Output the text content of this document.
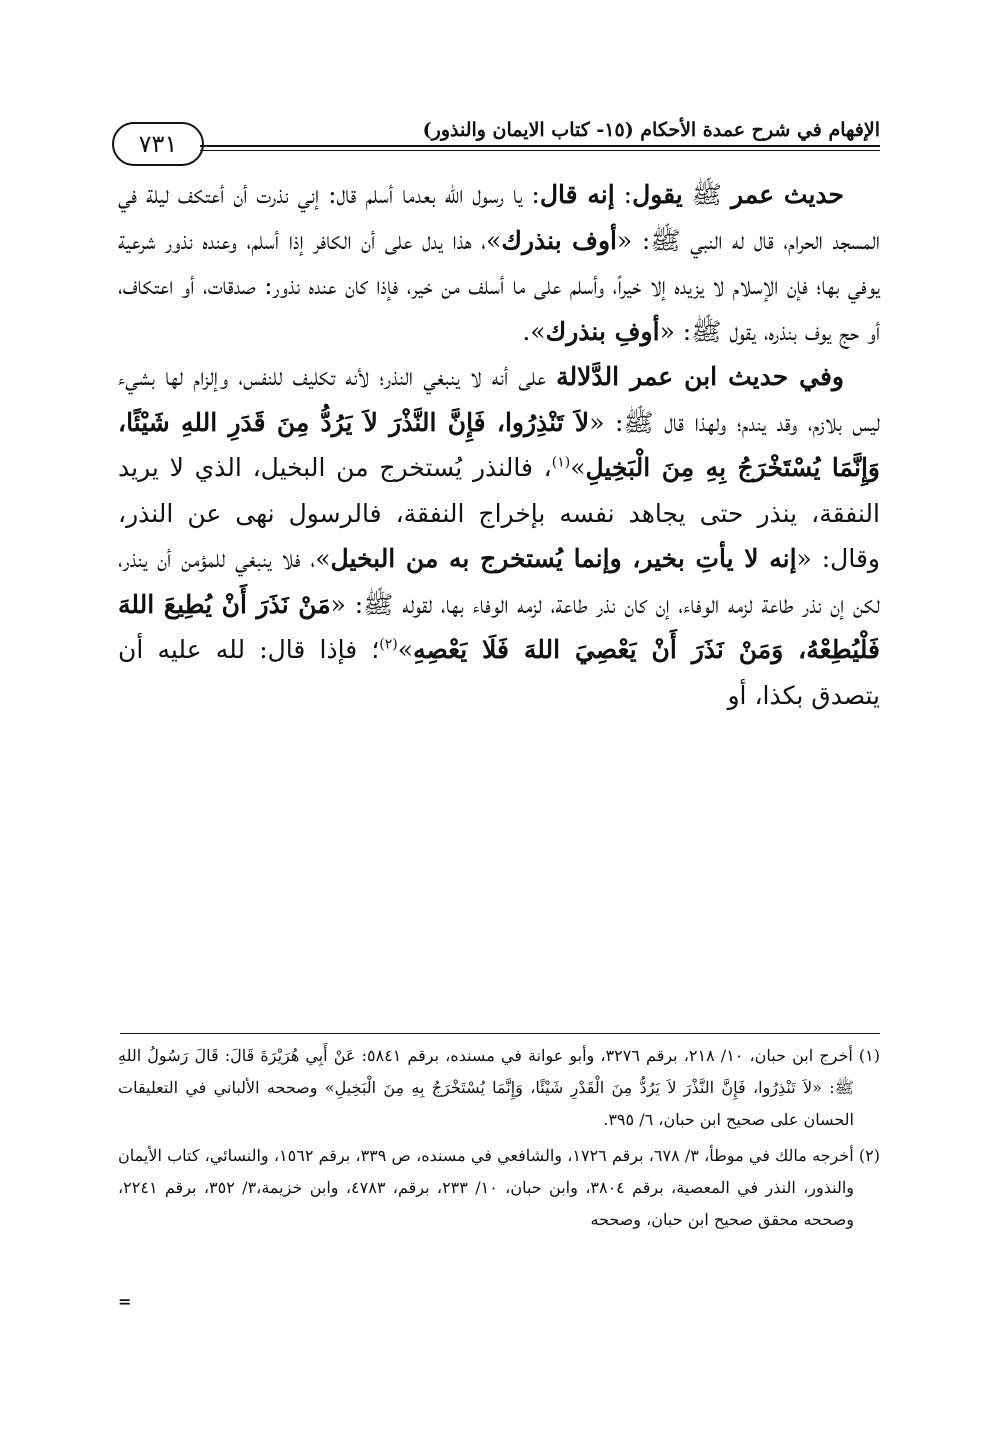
الإفهام في شرح عمدة الأحكام (١٥- كتاب الايمان والنذور)
٧٣١

حديث عمر ﷺ يقول: إنه قال: يا رسول الله بعدما أسلم قال: إني نذرت أن أعتكف ليلة في المسجد الحرام، قال له النبي ﷺ: «أوف بنذرك»، هذا يدل على أن الكافر إذا أسلم، وعنده نذور شرعية يوفي بها؛ فإن الإسلام لا يزيده إلا خيراً، وأسلم على ما أسلف من خير، فإذا كان عنده نذور: صدقات، أو اعتكاف، أو حج يوف بنذره، يقول ﷺ: «أوفِ بنذرك».

وفي حديث ابن عمر الدَّلالة على أنه لا ينبغي النذر؛ لأنه تكليف للنفس، وإلزام لها بشيء ليس بلازم، وقد يندم؛ ولهذا قال ﷺ: «لاَ تَنْذِرُوا، فَإِنَّ النَّذْرَ لاَ يَرُدُّ مِنَ قَدَرِ اللهِ شَيْئًا، وَإِنَّمَا يُسْتَخْرَجُ بِهِ مِنَ الْبَخِيلِ»$^{(١)}$، فالنذر يُستخرج من البخيل، الذي لا يريد النفقة، ينذر حتى يجاهد نفسه بإخراج النفقة، فالرسول نهى عن النذر، وقال: «إنه لا يأتِ بخير، وإنما يُستخرج به من البخيل»، فلا ينبغي للمؤمن أن ينذر، لكن إن نذر طاعة لزمه الوفاء، إن كان نذر طاعة، لزمه الوفاء بها، لقوله ﷺ: «مَنْ نَذَرَ أَنْ يُطِيعَ اللهَ فَلْيُطِعْهُ، وَمَنْ نَذَرَ أَنْ يَعْصِيَ اللهَ فَلَا يَعْصِهِ»$^{(٢)}$؛ فإذا قال: لله عليه أن يتصدق بكذا، أو

(١) أخرج ابن حبان، ١٠/ ٢١٨، برقم ٣٢٧٦، وأبو عوانة في مسنده، برقم ٥٨٤١: عَنْ أَبِي هُرَيْرَةَ قَالَ: قَالَ رَسُولُ اللهِ ﷺ: «لاَ تَنْذِرُوا، فَإِنَّ النَّذْرَ لاَ يَرُدُّ مِنَ الْقَدْرِ شَيْئًا، وَإِنَّمَا يُسْتَخْرَجُ بِهِ مِنَ الْبَخِيلِ» وصححه الألباني في التعليقات الحسان على صحيح ابن حبان، ٦/ ٣٩٥.

(٢) أخرجه مالك في موطأ، ٣/ ٦٧٨، برقم ١٧٢٦، والشافعي في مسنده، ص ٣٣٩، برقم ١٥٦٢، والنسائي، كتاب الأيمان والنذور، النذر في المعصية، برقم ٣٨٠٤، وابن حبان، ١٠/ ٢٣٣، برقم، ٤٧٨٣، وابن خزيمة،٣/ ٣٥٢، برقم ٢٢٤١، وصححه محقق صحيح ابن حبان، وصححه

=
